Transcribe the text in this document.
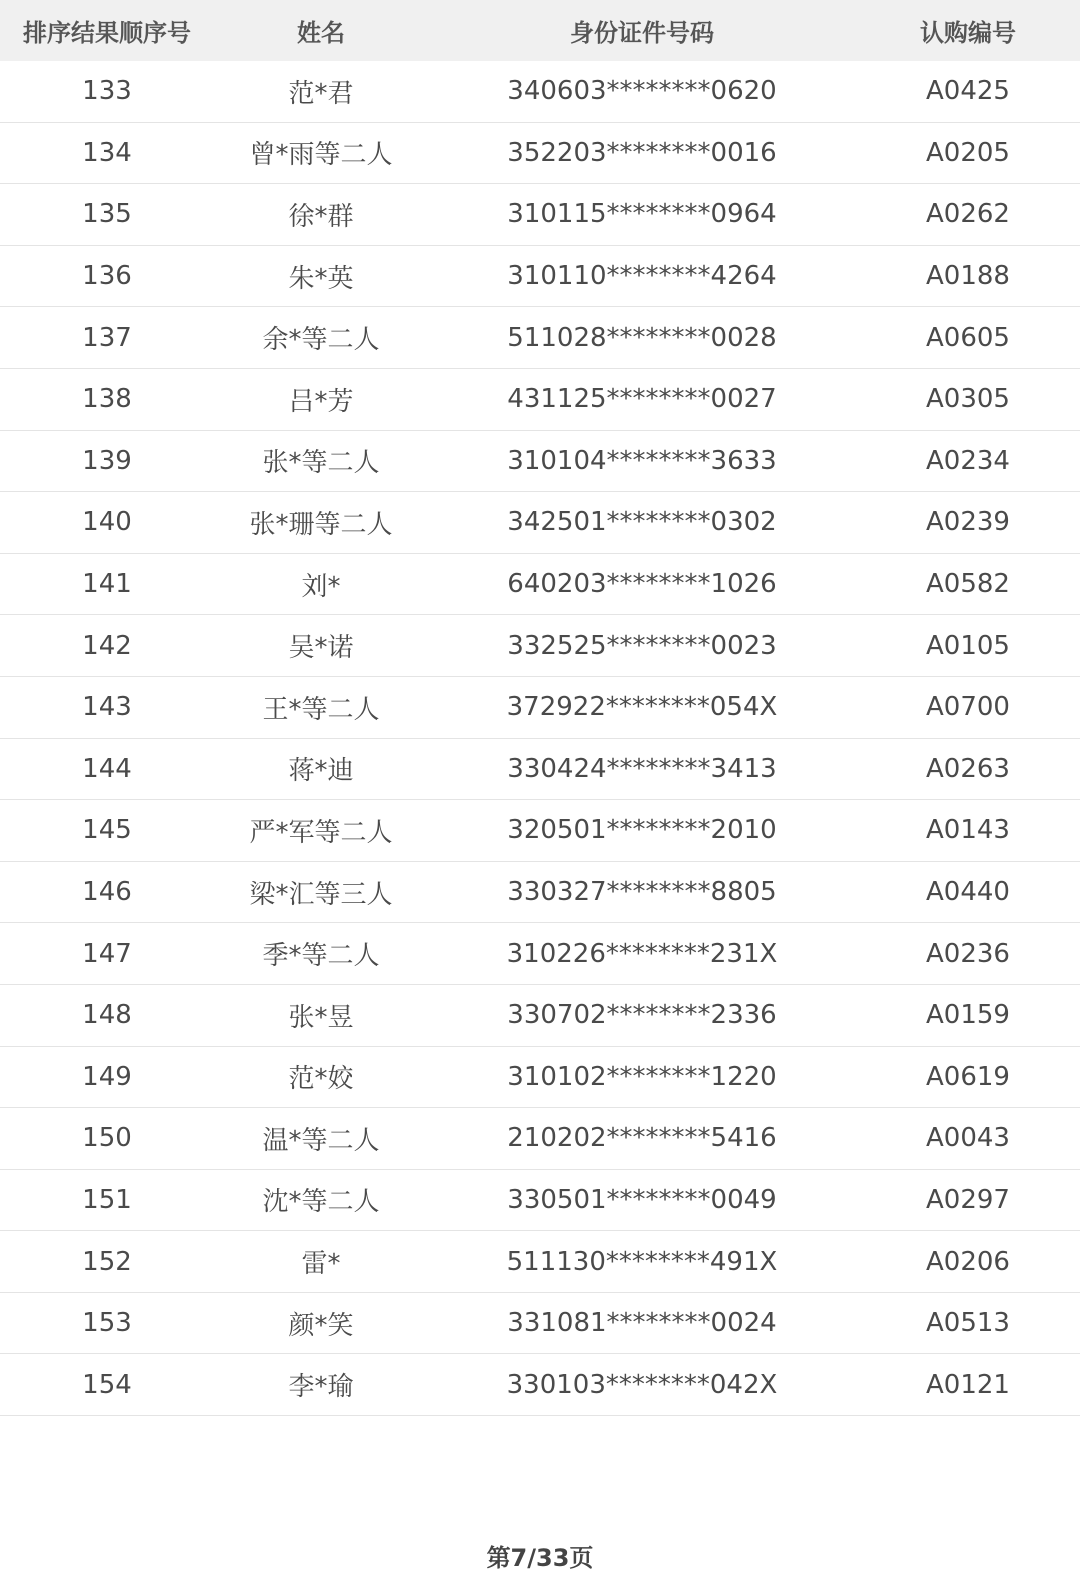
排序结果顺序号	姓名	身份证件号码	认购编号
133	范*君	340603********0620	A0425
134	曾*雨等二人	352203********0016	A0205
135	徐*群	310115********0964	A0262
136	朱*英	310110********4264	A0188
137	余*等二人	511028********0028	A0605
138	吕*芳	431125********0027	A0305
139	张*等二人	310104********3633	A0234
140	张*珊等二人	342501********0302	A0239
141	刘*	640203********1026	A0582
142	吴*诺	332525********0023	A0105
143	王*等二人	372922********054X	A0700
144	蒋*迪	330424********3413	A0263
145	严*军等二人	320501********2010	A0143
146	梁*汇等三人	330327********8805	A0440
147	季*等二人	310226********231X	A0236
148	张*昱	330702********2336	A0159
149	范*姣	310102********1220	A0619
150	温*等二人	210202********5416	A0043
151	沈*等二人	330501********0049	A0297
152	雷*	511130********491X	A0206
153	颜*笑	331081********0024	A0513
154	李*瑜	330103********042X	A0121
第7/33页
